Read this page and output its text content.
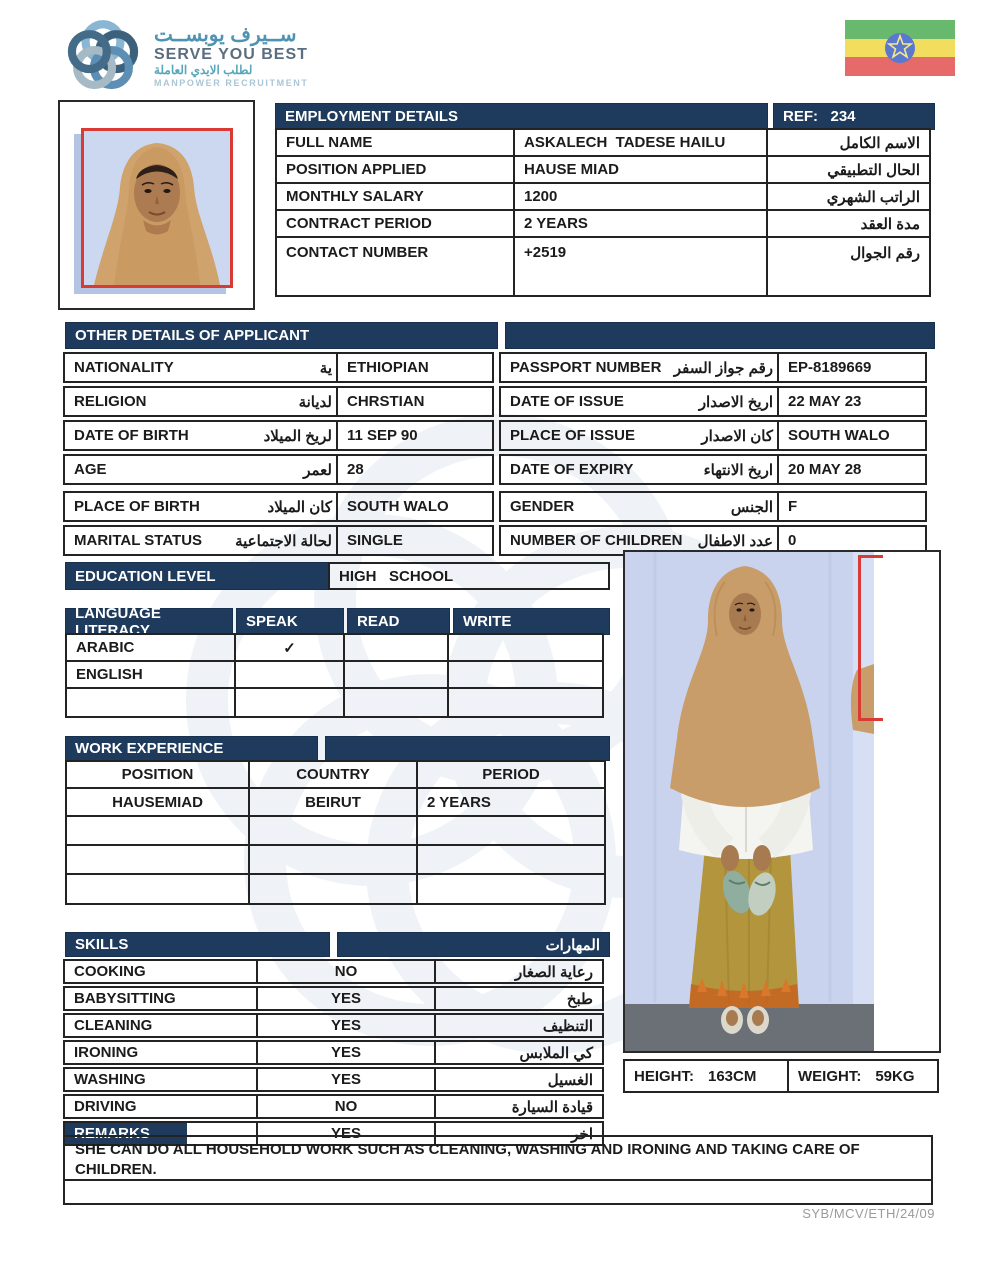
ســيرف يوبســت
SERVE YOU BEST
لطلب الايدي العاملة
MANPOWER RECRUITMENT
EMPLOYMENT DETAILS	REF:   234
FULL NAME	ASKALECH  TADESE HAILU	الاسم الكامل
POSITION APPLIED	HAUSE MIAD	الحال التطبيقي
MONTHLY SALARY	1200	الراتب الشهري
CONTRACT PERIOD	2 YEARS	مدة العقد
CONTACT NUMBER	+2519	رقم الجوال
OTHER DETAILS OF APPLICANT
NATIONALITY	ية	ETHIOPIAN	PASSPORT NUMBER رقم جواز السفر	EP-8189669
RELIGION	لديانة	CHRSTIAN	DATE OF ISSUE	اريخ الاصدار	22 MAY 23
DATE OF BIRTH	لريخ الميلاد	11 SEP 90	PLACE OF ISSUE	كان الاصدار	SOUTH WALO
AGE	لعمر	28	DATE OF EXPIRY	اريخ الانتهاء	20 MAY 28
PLACE OF BIRTH	كان الميلاد	SOUTH WALO	GENDER	الجنس	F
MARITAL STATUS لحالة الاجتماعية	SINGLE	NUMBER OF CHILDREN عدد الاطفال	0
EDUCATION LEVEL	HIGH   SCHOOL
LANGUAGE LITERACY	SPEAK	READ	WRITE
ARABIC	✓
ENGLISH
WORK EXPERIENCE
POSITION	COUNTRY	PERIOD
HAUSEMIAD	BEIRUT	2 YEARS
SKILLS	المهارات
COOKING	NO	رعاية الصغار
BABYSITTING	YES	طبخ
CLEANING	YES	التنظيف
IRONING	YES	كي الملابس
WASHING	YES	الغسيل
DRIVING	NO	قيادة السيارة
REMARKS	YES	اخر
HEIGHT: 163CM	WEIGHT: 59KG
SHE CAN DO ALL HOUSEHOLD WORK SUCH AS CLEANING, WASHING AND IRONING AND TAKING CARE OF CHILDREN.
SYB/MCV/ETH/24/09
